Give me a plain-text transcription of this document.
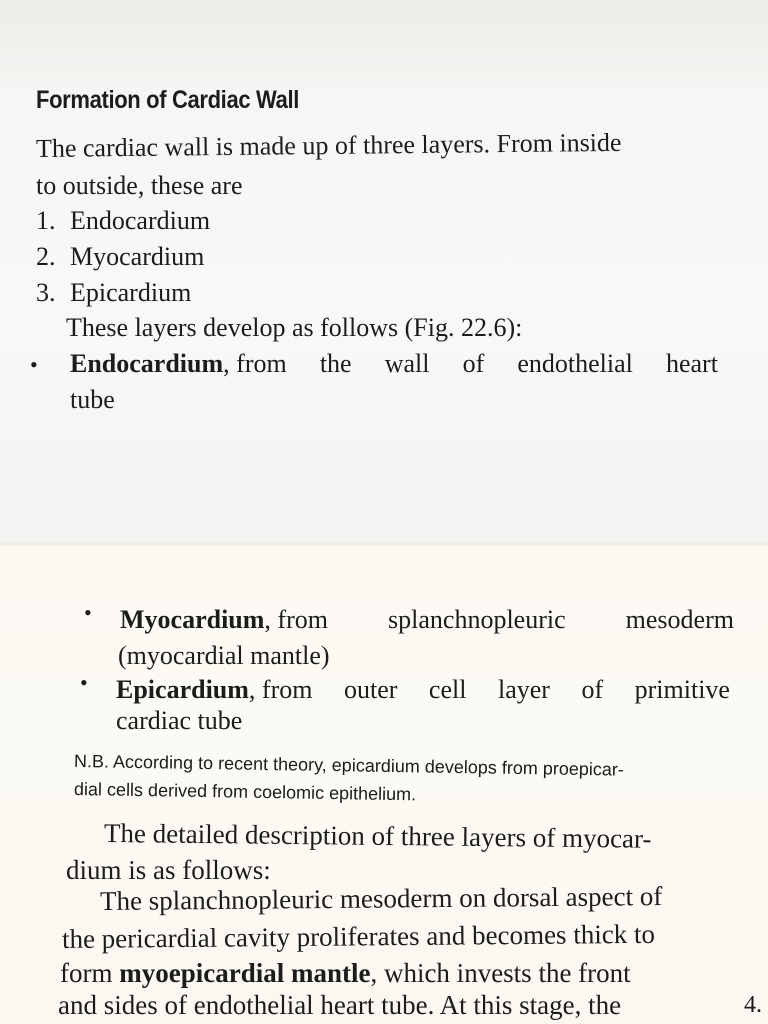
Formation of Cardiac Wall
The cardiac wall is made up of three layers. From inside
to outside, these are
1. Endocardium
2. Myocardium
3. Epicardium
These layers develop as follows (Fig. 22.6):
• Endocardium, from the wall of endothelial heart
tube
• Myocardium, from splanchnopleuric mesoderm
(myocardial mantle)
• Epicardium, from outer cell layer of primitive
cardiac tube
N.B. According to recent theory, epicardium develops from proepicar-
dial cells derived from coelomic epithelium.
The detailed description of three layers of myocar-
dium is as follows:
The splanchnopleuric mesoderm on dorsal aspect of
the pericardial cavity proliferates and becomes thick to
form myoepicardial mantle, which invests the front
and sides of endothelial heart tube. At this stage, the	4.
